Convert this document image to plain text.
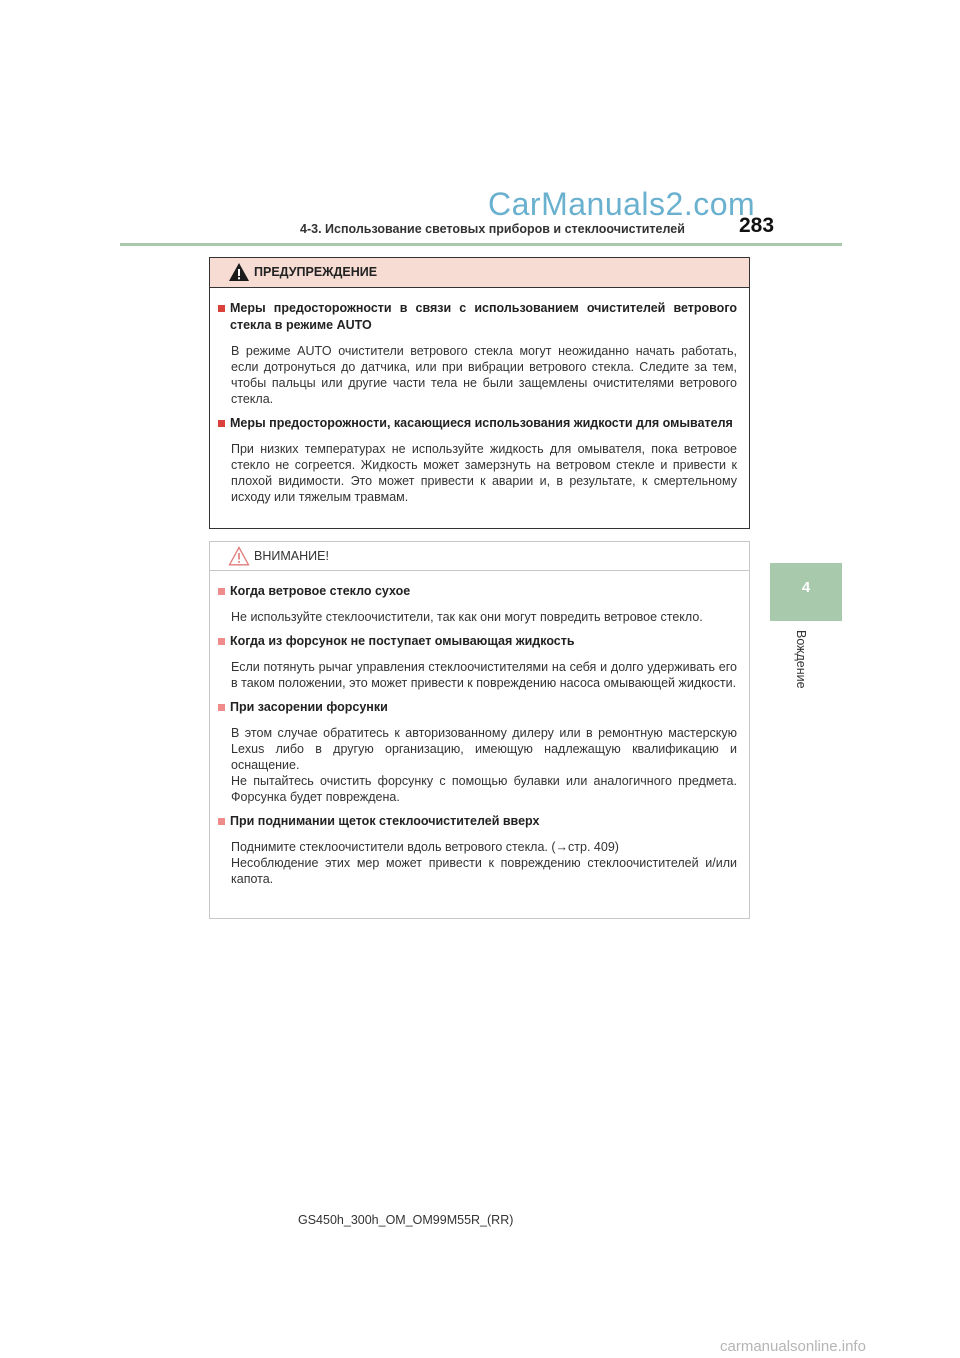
CarManuals2.com
4-3. Использование световых приборов и стеклоочистителей	283
4
Вождение
ПРЕДУПРЕЖДЕНИЕ
Меры предосторожности в связи с использованием очистителей ветрового стекла в режиме AUTO

В режиме AUTO очистители ветрового стекла могут неожиданно начать работать, если дотронуться до датчика, или при вибрации ветрового стекла. Следите за тем, чтобы пальцы или другие части тела не были защемлены очистителями ветрового стекла.

Меры предосторожности, касающиеся использования жидкости для омывателя

При низких температурах не используйте жидкость для омывателя, пока ветровое стекло не согреется. Жидкость может замерзнуть на ветровом стекле и привести к плохой видимости. Это может привести к аварии и, в результате, к смертельному исходу или тяжелым травмам.

ВНИМАНИЕ!
Когда ветровое стекло сухое

Не используйте стеклоочистители, так как они могут повредить ветровое стекло.

Когда из форсунок не поступает омывающая жидкость

Если потянуть рычаг управления стеклоочистителями на себя и долго удерживать его в таком положении, это может привести к повреждению насоса омывающей жидкости.

При засорении форсунки

В этом случае обратитесь к авторизованному дилеру или в ремонтную мастерскую Lexus либо в другую организацию, имеющую надлежащую квалификацию и оснащение.

Не пытайтесь очистить форсунку с помощью булавки или аналогичного предмета. Форсунка будет повреждена.

При поднимании щеток стеклоочистителей вверх

Поднимите стеклоочистители вдоль ветрового стекла. (→стр. 409)

Несоблюдение этих мер может привести к повреждению стеклоочистителей и/или капота.

GS450h_300h_OM_OM99M55R_(RR)
carmanualsonline.info
